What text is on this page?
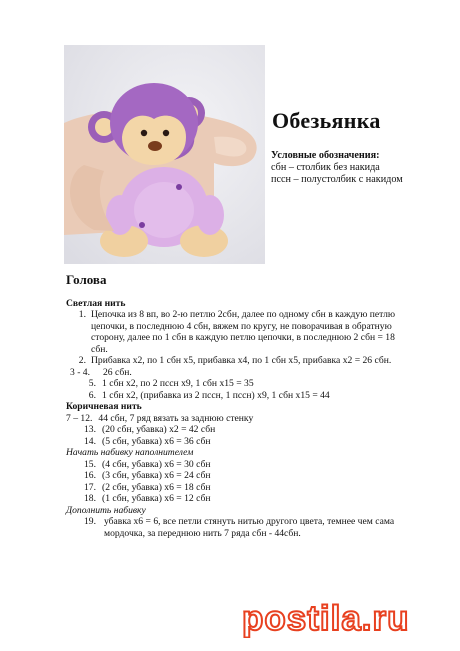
Обезьянка
Условные обозначения:
сбн – столбик без накида
пссн – полустолбик с накидом
Голова
Светлая нить
1. Цепочка из 8 вп, во 2-ю петлю 2сбн, далее по одному сбн в каждую петлю цепочки, в последнюю 4 сбн, вяжем по кругу, не поворачивая в обратную сторону, далее по 1 сбн в каждую петлю цепочки, в последнюю 2 сбн = 18 сбн.
2. Прибавка х2, по 1 сбн х5, прибавка х4, по 1 сбн х5, прибавка х2 = 26 сбн.
3 - 4.	26 сбн.
5. 1 сбн х2, по 2 пссн х9, 1 сбн х15 = 35
6. 1 сбн х2, (прибавка из 2 пссн, 1 пссн) х9, 1 сбн х15 = 44
Коричневая нить
7 – 12. 44 сбн, 7 ряд вязать за заднюю стенку
13. (20 сбн, убавка) х2 = 42 сбн
14. (5 сбн, убавка) х6 = 36 сбн
Начать набивку наполнителем
15. (4 сбн, убавка) х6 = 30 сбн
16. (3 сбн, убавка) х6 = 24 сбн
17. (2 сбн, убавка) х6 = 18 сбн
18. (1 сбн, убавка) х6 = 12 сбн
Дополнить набивку
19. убавка х6 = 6, все петли стянуть нитью другого цвета, темнее чем сама мордочка, за переднюю нить 7 ряда сбн - 44сбн.
postila.ru
